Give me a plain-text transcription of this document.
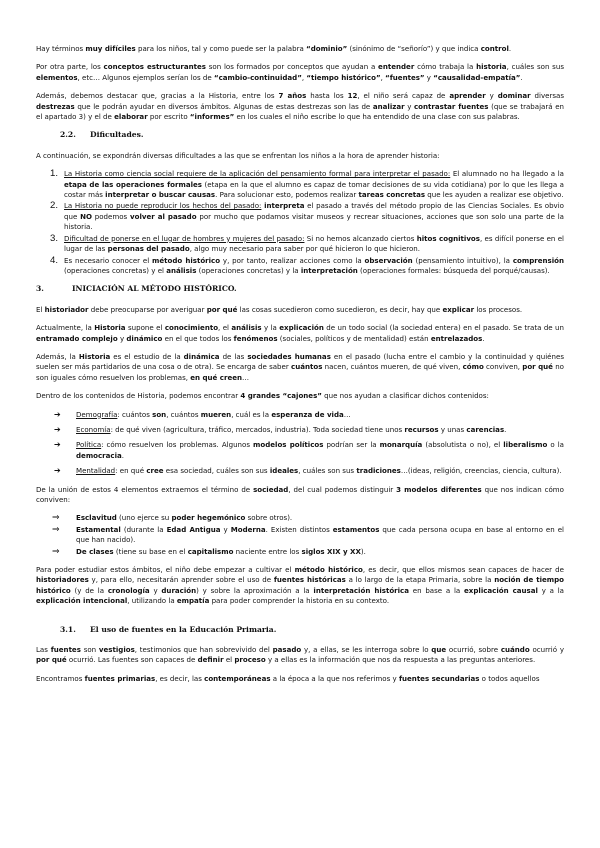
Hay términos muy difíciles para los niños, tal y como puede ser la palabra “dominio” (sinónimo de “señorío”) y que indica control.

Por otra parte, los conceptos estructurantes son los formados por conceptos que ayudan a entender cómo trabaja la historia, cuáles son sus elementos, etc… Algunos ejemplos serían los de “cambio-continuidad”, “tiempo histórico”, “fuentes” y “causalidad-empatía”.

Además, debemos destacar que, gracias a la Historia, entre los 7 años hasta los 12, el niño será capaz de aprender y dominar diversas destrezas que le podrán ayudar en diversos ámbitos. Algunas de estas destrezas son las de analizar y contrastar fuentes (que se trabajará en el apartado 3) y el de elaborar por escrito “informes” en los cuales el niño escribe lo que ha entendido de una clase con sus palabras.

2.2. Dificultades.

A continuación, se expondrán diversas dificultades a las que se enfrentan los niños a la hora de aprender historia:

1. La Historia como ciencia social requiere de la aplicación del pensamiento formal para interpretar el pasado: El alumnado no ha llegado a la etapa de las operaciones formales (etapa en la que el alumno es capaz de tomar decisiones de su vida cotidiana) por lo que les llega a costar más interpretar o buscar causas. Para solucionar esto, podemos realizar tareas concretas que les ayuden a realizar ese objetivo.
2. La Historia no puede reproducir los hechos del pasado: interpreta el pasado a través del método propio de las Ciencias Sociales. Es obvio que NO podemos volver al pasado por mucho que podamos visitar museos y recrear situaciones, acciones que son solo una parte de la historia.
3. Dificultad de ponerse en el lugar de hombres y mujeres del pasado: Si no hemos alcanzado ciertos hitos cognitivos, es difícil ponerse en el lugar de las personas del pasado, algo muy necesario para saber por qué hicieron lo que hicieron.
4. Es necesario conocer el método histórico y, por tanto, realizar acciones como la observación (pensamiento intuitivo), la comprensión (operaciones concretas) y el análisis (operaciones concretas) y la interpretación (operaciones formales: búsqueda del porqué/causas).
3.	INICIACIÓN AL MÉTODO HISTÓRICO.

El historiador debe preocuparse por averiguar por qué las cosas sucedieron como sucedieron, es decir, hay que explicar los procesos.

Actualmente, la Historia supone el conocimiento, el análisis y la explicación de un todo social (la sociedad entera) en el pasado. Se trata de un entramado complejo y dinámico en el que todos los fenómenos (sociales, políticos y de mentalidad) están entrelazados.

Además, la Historia es el estudio de la dinámica de las sociedades humanas en el pasado (lucha entre el cambio y la continuidad y quiénes suelen ser más partidarios de una cosa o de otra). Se encarga de saber cuántos nacen, cuántos mueren, de qué viven, cómo conviven, por qué no son iguales cómo resuelven los problemas, en qué creen…

Dentro de los contenidos de Historia, podemos encontrar 4 grandes “cajones” que nos ayudan a clasificar dichos contenidos:

➔ Demografía: cuántos son, cuántos mueren, cuál es la esperanza de vida…
➔ Economía: de qué viven (agricultura, tráfico, mercados, industria). Toda sociedad tiene unos recursos y unas carencias.
➔ Política: cómo resuelven los problemas. Algunos modelos políticos podrían ser la monarquía (absolutista o no), el liberalismo o la democracia.
➔ Mentalidad: en qué cree esa sociedad, cuáles son sus ideales, cuáles son sus tradiciones…(ideas, religión, creencias, ciencia, cultura).

De la unión de estos 4 elementos extraemos el término de sociedad, del cual podemos distinguir 3 modelos diferentes que nos indican cómo conviven:

⇒ Esclavitud (uno ejerce su poder hegemónico sobre otros).
⇒ Estamental (durante la Edad Antigua y Moderna. Existen distintos estamentos que cada persona ocupa en base al entorno en el que han nacido).
⇒ De clases (tiene su base en el capitalismo naciente entre los siglos XIX y XX).

Para poder estudiar estos ámbitos, el niño debe empezar a cultivar el método histórico, es decir, que ellos mismos sean capaces de hacer de historiadores y, para ello, necesitarán aprender sobre el uso de fuentes históricas a lo largo de la etapa Primaria, sobre la noción de tiempo histórico (y de la cronología y duración) y sobre la aproximación a la interpretación histórica en base a la explicación causal y a la explicación intencional, utilizando la empatía para poder comprender la historia en su contexto.

3.1. El uso de fuentes en la Educación Primaria.

Las fuentes son vestigios, testimonios que han sobrevivido del pasado y, a ellas, se les interroga sobre lo que ocurrió, sobre cuándo ocurrió y por qué ocurrió. Las fuentes son capaces de definir el proceso y a ellas es la información que nos da respuesta a las preguntas anteriores.

Encontramos fuentes primarias, es decir, las contemporáneas a la época a la que nos referimos y fuentes secundarias o todos aquellos
